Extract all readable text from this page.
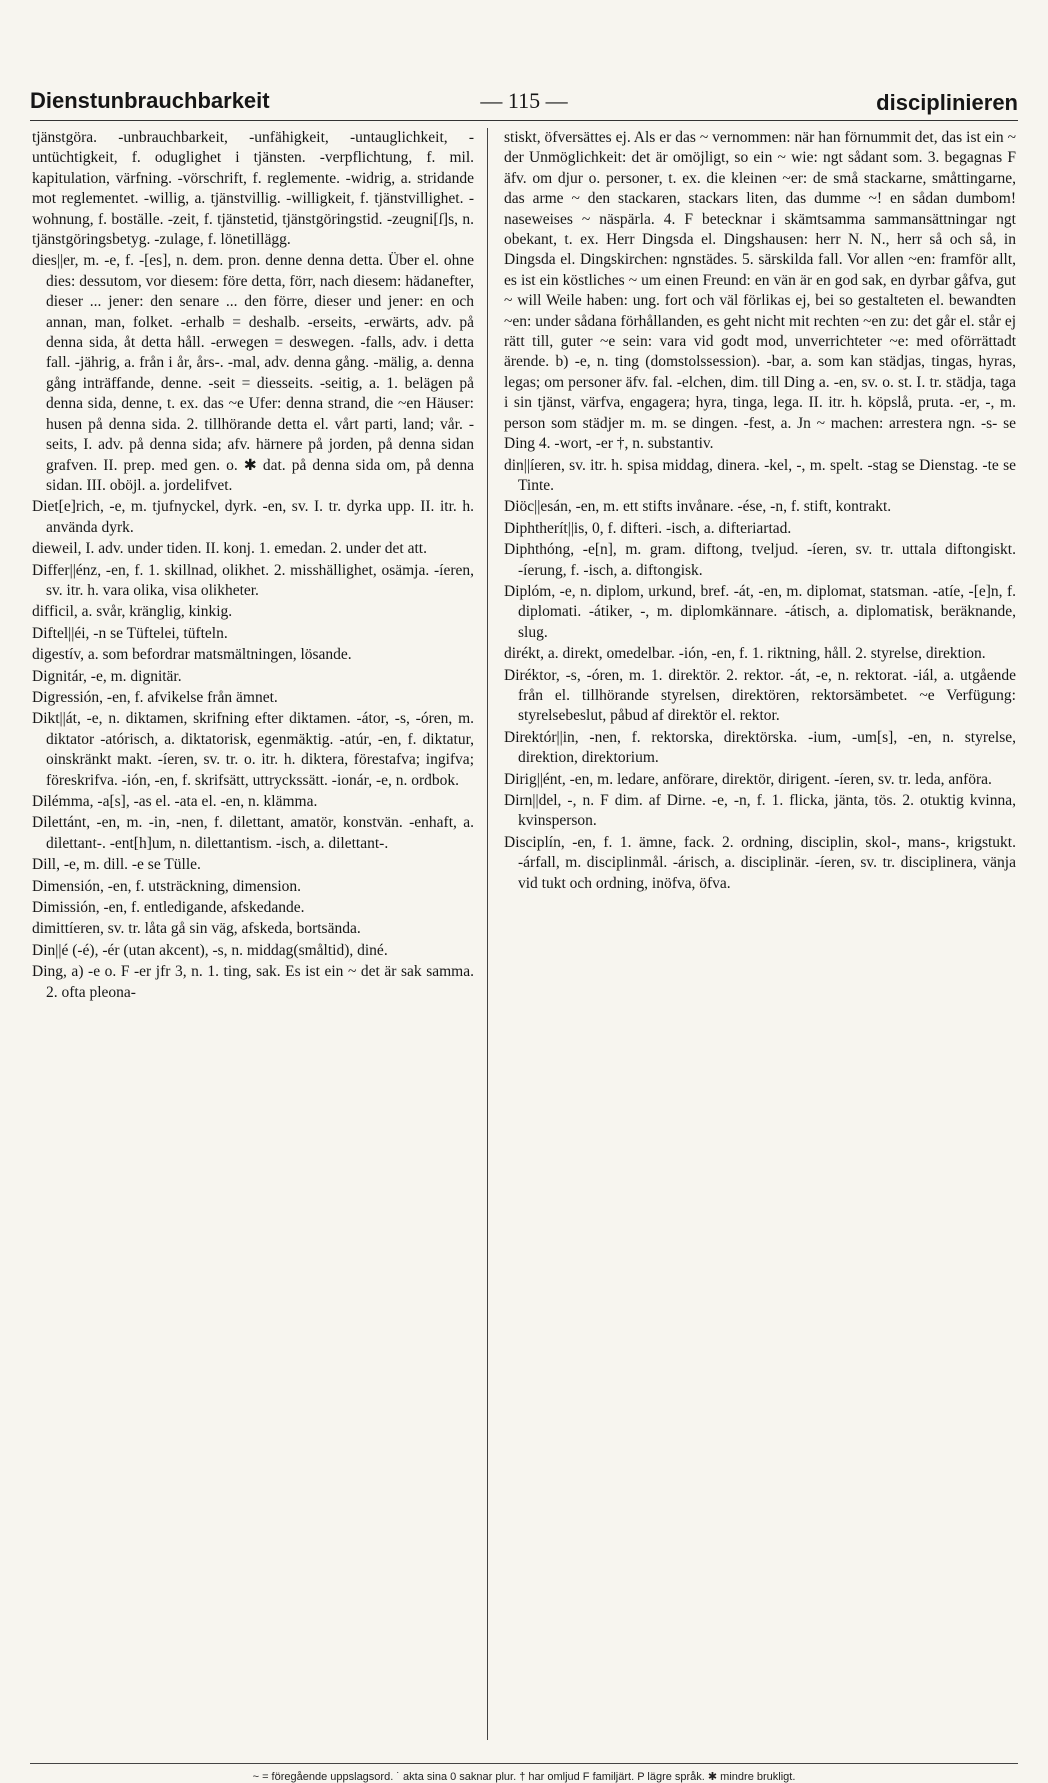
Dienstunbrauchbarkeit	— 115 —	disciplinieren

tjänstgöra. -unbrauchbarkeit, -unfähigkeit, -untauglichkeit, -untüchtigkeit, f. oduglighet i tjänsten. -verpflichtung, f. mil. kapitulation, värfning. -vörschrift, f. reglemente. -widrig, a. stridande mot reglementet. -willig, a. tjänstvillig. -willigkeit, f. tjänstvillighet. -wohnung, f. boställe. -zeit, f. tjänstetid, tjänstgöringstid. -zeugni[ſ]s, n. tjänstgöringsbetyg. -zulage, f. lönetillägg.

dies||er, m. -e, f. -[es], n. dem. pron. denne denna detta. Über el. ohne dies: dessutom, vor diesem: före detta, förr, nach diesem: hädanefter, dieser ... jener: den senare ... den förre, dieser und jener: en och annan, man, folket. -erhalb = deshalb. -erseits, -erwärts, adv. på denna sida, åt detta håll. -erwegen = deswegen. -falls, adv. i detta fall. -jährig, a. från i år, års-. -mal, adv. denna gång. -mälig, a. denna gång inträffande, denne. -seit = diesseits. -seitig, a. 1. belägen på denna sida, denne, t. ex. das ~e Ufer: denna strand, die ~en Häuser: husen på denna sida. 2. tillhörande detta el. vårt parti, land; vår. -seits, I. adv. på denna sida; afv. härnere på jorden, på denna sidan grafven. II. prep. med gen. o. ✱ dat. på denna sida om, på denna sidan. III. oböjl. a. jordelifvet.

Diet[e]rich, -e, m. tjufnyckel, dyrk. -en, sv. I. tr. dyrka upp. II. itr. h. använda dyrk.

dieweil, I. adv. under tiden. II. konj. 1. emedan. 2. under det att.

Differ||énz, -en, f. 1. skillnad, olikhet. 2. misshällighet, osämja. -íeren, sv. itr. h. vara olika, visa olikheter.

difficil, a. svår, kränglig, kinkig.

Diftel||éi, -n se Tüftelei, tüfteln.

digestív, a. som befordrar matsmältningen, lösande.

Dignitár, -e, m. dignitär.

Digressión, -en, f. afvikelse från ämnet.

Dikt||át, -e, n. diktamen, skrifning efter diktamen. -átor, -s, -óren, m. diktator -atórisch, a. diktatorisk, egenmäktig. -atúr, -en, f. diktatur, oinskränkt makt. -íeren, sv. tr. o. itr. h. diktera, förestafva; ingifva; föreskrifva. -ión, -en, f. skrifsätt, uttryckssätt. -ionár, -e, n. ordbok.

Dilémma, -a[s], -as el. -ata el. -en, n. klämma.

Dilettánt, -en, m. -in, -nen, f. dilettant, amatör, konstvän. -enhaft, a. dilettant-. -ent[h]um, n. dilettantism. -isch, a. dilettant-.

Dill, -e, m. dill. -e se Tülle.

Dimensión, -en, f. utsträckning, dimension.

Dimissión, -en, f. entledigande, afskedande.

dimittíeren, sv. tr. låta gå sin väg, afskeda, bortsända.

Din||é (-é), -ér (utan akcent), -s, n. middag(småltid), diné.

Ding, a) -e o. F -er jfr 3, n. 1. ting, sak. Es ist ein ~ det är sak samma. 2. ofta pleona-

stiskt, öfversättes ej. Als er das ~ vernommen: när han förnummit det, das ist ein ~ der Unmöglichkeit: det är omöjligt, so ein ~ wie: ngt sådant som. 3. begagnas F äfv. om djur o. personer, t. ex. die kleinen ~er: de små stackarne, småttingarne, das arme ~ den stackaren, stackars liten, das dumme ~! en sådan dumbom! naseweises ~ näspärla. 4. F betecknar i skämtsamma sammansättningar ngt obekant, t. ex. Herr Dingsda el. Dingshausen: herr N. N., herr så och så, in Dingsda el. Dingskirchen: ngnstädes. 5. särskilda fall. Vor allen ~en: framför allt, es ist ein köstliches ~ um einen Freund: en vän är en god sak, en dyrbar gåfva, gut ~ will Weile haben: ung. fort och väl förlikas ej, bei so gestalteten el. bewandten ~en: under sådana förhållanden, es geht nicht mit rechten ~en zu: det går el. står ej rätt till, guter ~e sein: vara vid godt mod, unverrichteter ~e: med oförrättadt ärende. b) -e, n. ting (domstolssession). -bar, a. som kan städjas, tingas, hyras, legas; om personer äfv. fal. -elchen, dim. till Ding a. -en, sv. o. st. I. tr. städja, taga i sin tjänst, värfva, engagera; hyra, tinga, lega. II. itr. h. köpslå, pruta. -er, -, m. person som städjer m. m. se dingen. -fest, a. Jn ~ machen: arrestera ngn. -s- se Ding 4. -wort, -er †, n. substantiv.

din||íeren, sv. itr. h. spisa middag, dinera. -kel, -, m. spelt. -stag se Dienstag. -te se Tinte.

Diöc||esán, -en, m. ett stifts invånare. -ése, -n, f. stift, kontrakt.

Diphtherít||is, 0, f. difteri. -isch, a. difteriartad.

Diphthóng, -e[n], m. gram. diftong, tveljud. -íeren, sv. tr. uttala diftongiskt. -íerung, f. -isch, a. diftongisk.

Diplóm, -e, n. diplom, urkund, bref. -át, -en, m. diplomat, statsman. -atíe, -[e]n, f. diplomati. -átiker, -, m. diplomkännare. -átisch, a. diplomatisk, beräknande, slug.

dirékt, a. direkt, omedelbar. -ión, -en, f. 1. riktning, håll. 2. styrelse, direktion.

Diréktor, -s, -óren, m. 1. direktör. 2. rektor. -át, -e, n. rektorat. -iál, a. utgående från el. tillhörande styrelsen, direktören, rektorsämbetet. ~e Verfügung: styrelsebeslut, påbud af direktör el. rektor.

Direktór||in, -nen, f. rektorska, direktörska. -ium, -um[s], -en, n. styrelse, direktion, direktorium.

Dirig||ént, -en, m. ledare, anförare, direktör, dirigent. -íeren, sv. tr. leda, anföra.

Dirn||del, -, n. F dim. af Dirne. -e, -n, f. 1. flicka, jänta, tös. 2. otuktig kvinna, kvinsperson.

Disciplín, -en, f. 1. ämne, fack. 2. ordning, disciplin, skol-, mans-, krigstukt. -árfall, m. disciplinmål. -árisch, a. disciplinär. -íeren, sv. tr. disciplinera, vänja vid tukt och ordning, inöfva, öfva.

~ = föregående uppslagsord. ˙ akta sina 0 saknar plur. † har omljud F familjärt. P lägre språk. ✱ mindre brukligt.
